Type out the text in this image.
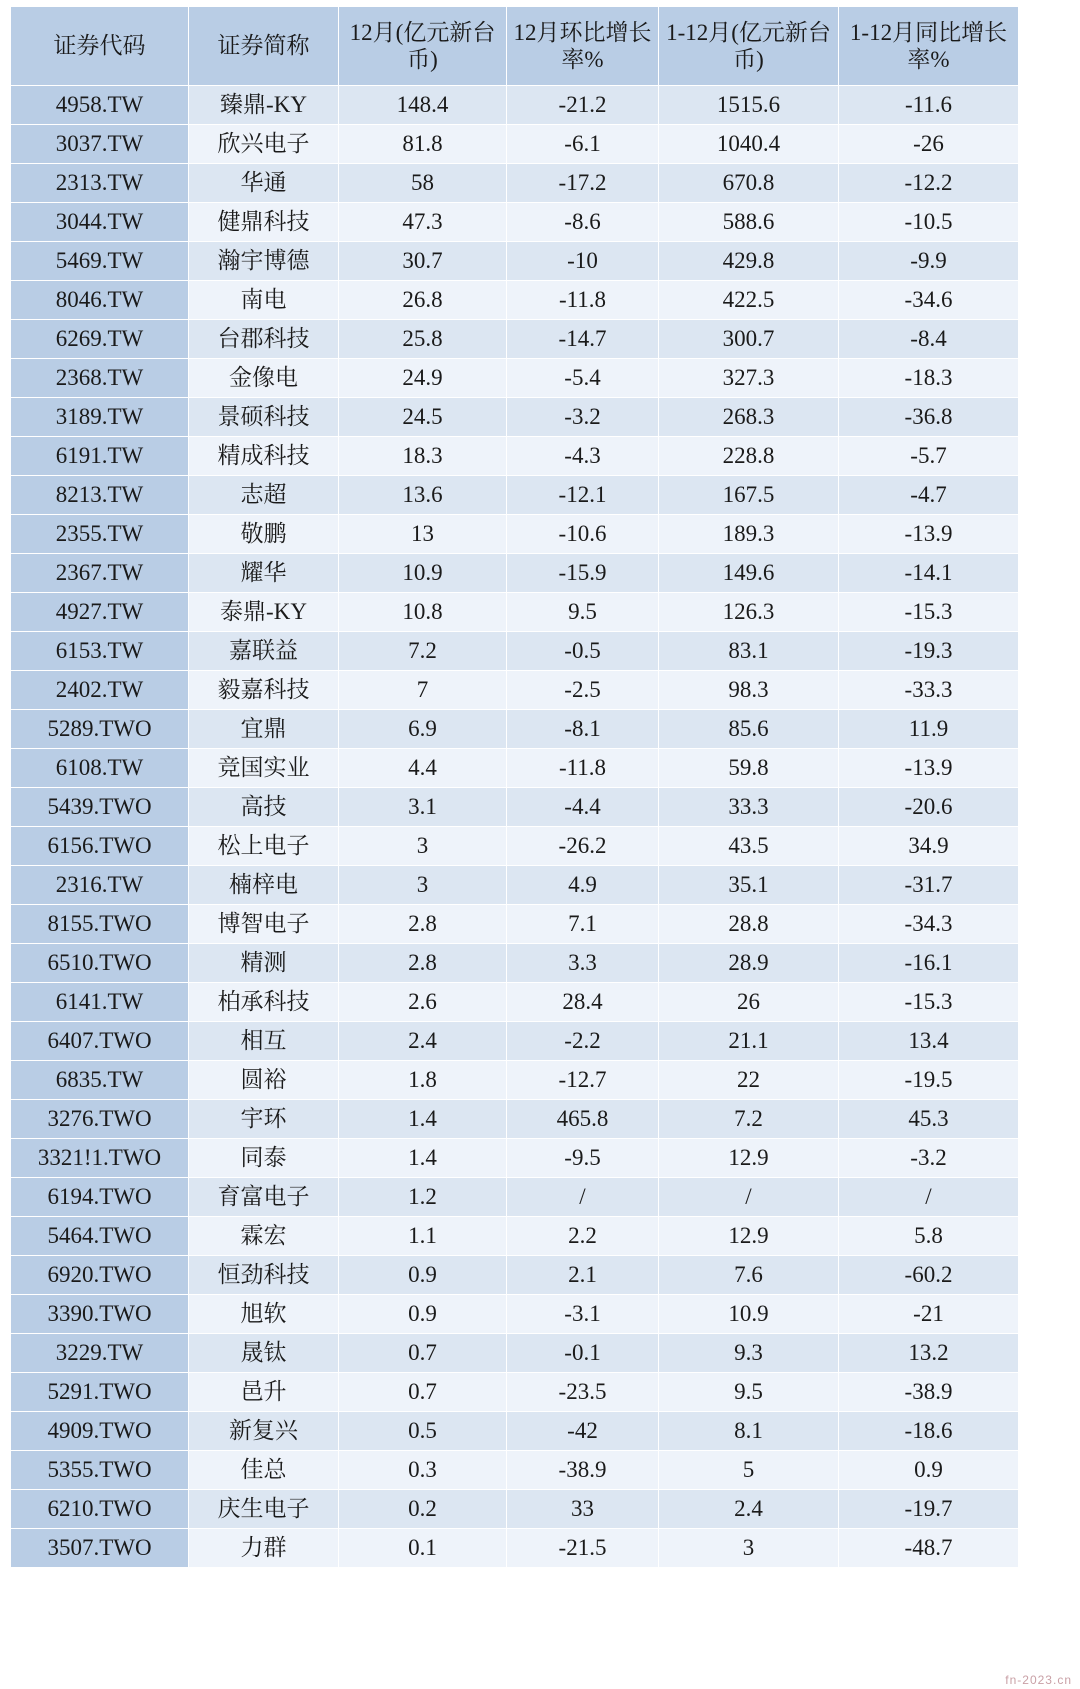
证券代码	证券简称	12月(亿元新台币)	12月环比增长率%	1-12月(亿元新台币)	1-12月同比增长率%
4958.TW	臻鼎-KY	148.4	-21.2	1515.6	-11.6
3037.TW	欣兴电子	81.8	-6.1	1040.4	-26
2313.TW	华通	58	-17.2	670.8	-12.2
3044.TW	健鼎科技	47.3	-8.6	588.6	-10.5
5469.TW	瀚宇博德	30.7	-10	429.8	-9.9
8046.TW	南电	26.8	-11.8	422.5	-34.6
6269.TW	台郡科技	25.8	-14.7	300.7	-8.4
2368.TW	金像电	24.9	-5.4	327.3	-18.3
3189.TW	景硕科技	24.5	-3.2	268.3	-36.8
6191.TW	精成科技	18.3	-4.3	228.8	-5.7
8213.TW	志超	13.6	-12.1	167.5	-4.7
2355.TW	敬鹏	13	-10.6	189.3	-13.9
2367.TW	耀华	10.9	-15.9	149.6	-14.1
4927.TW	泰鼎-KY	10.8	9.5	126.3	-15.3
6153.TW	嘉联益	7.2	-0.5	83.1	-19.3
2402.TW	毅嘉科技	7	-2.5	98.3	-33.3
5289.TWO	宜鼎	6.9	-8.1	85.6	11.9
6108.TW	竞国实业	4.4	-11.8	59.8	-13.9
5439.TWO	高技	3.1	-4.4	33.3	-20.6
6156.TWO	松上电子	3	-26.2	43.5	34.9
2316.TW	楠梓电	3	4.9	35.1	-31.7
8155.TWO	博智电子	2.8	7.1	28.8	-34.3
6510.TWO	精测	2.8	3.3	28.9	-16.1
6141.TW	柏承科技	2.6	28.4	26	-15.3
6407.TWO	相互	2.4	-2.2	21.1	13.4
6835.TW	圆裕	1.8	-12.7	22	-19.5
3276.TWO	宇环	1.4	465.8	7.2	45.3
3321!1.TWO	同泰	1.4	-9.5	12.9	-3.2
6194.TWO	育富电子	1.2	/	/	/
5464.TWO	霖宏	1.1	2.2	12.9	5.8
6920.TWO	恒劲科技	0.9	2.1	7.6	-60.2
3390.TWO	旭软	0.9	-3.1	10.9	-21
3229.TW	晟钛	0.7	-0.1	9.3	13.2
5291.TWO	邑升	0.7	-23.5	9.5	-38.9
4909.TWO	新复兴	0.5	-42	8.1	-18.6
5355.TWO	佳总	0.3	-38.9	5	0.9
6210.TWO	庆生电子	0.2	33	2.4	-19.7
3507.TWO	力群	0.1	-21.5	3	-48.7
fn-2023.cn
